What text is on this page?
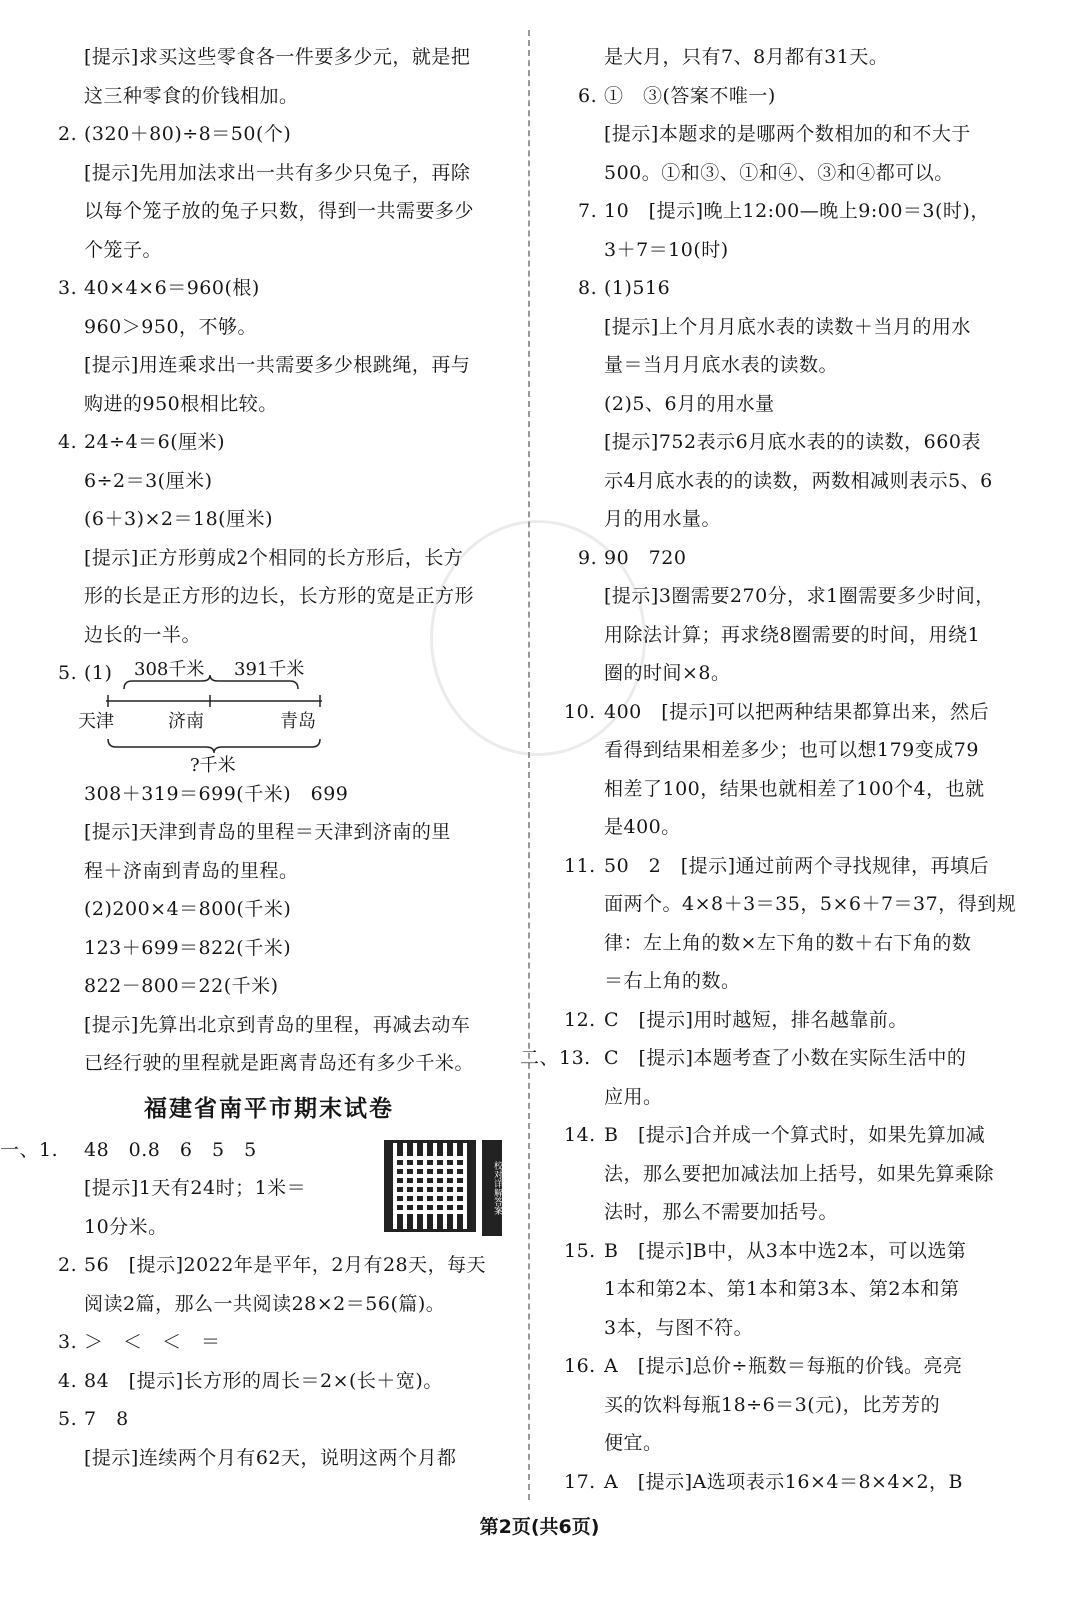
[提示]求买这些零食各一件要多少元，就是把
这三种零食的价钱相加。
2. (320＋80)÷8＝50(个)
[提示]先用加法求出一共有多少只兔子，再除
以每个笼子放的兔子只数，得到一共需要多少
个笼子。
3. 40×4×6＝960(根)
960＞950，不够。
[提示]用连乘求出一共需要多少根跳绳，再与
购进的950根相比较。
4. 24÷4＝6(厘米)
6÷2＝3(厘米)
(6＋3)×2＝18(厘米)
[提示]正方形剪成2个相同的长方形后，长方
形的长是正方形的边长，长方形的宽是正方形
边长的一半。
5. (1)	308千米 391千米
天津	济南	青岛
?千米
308＋319＝699(千米)　699
[提示]天津到青岛的里程＝天津到济南的里
程＋济南到青岛的里程。
(2)200×4＝800(千米)
123＋699＝822(千米)
822－800＝22(千米)
[提示]先算出北京到青岛的里程，再减去动车
已经行驶的里程就是距离青岛还有多少千米。
福建省南平市期末试卷
一、1. 48　0.8　6　5　5
[提示]1天有24时；1米＝
10分米。
2. 56　[提示]2022年是平年，2月有28天，每天
阅读2篇，那么一共阅读28×2＝56(篇)。
3. ＞　＜　＜　＝
4. 84　[提示]长方形的周长＝2×(长＋宽)。
5. 7　8
[提示]连续两个月有62天，说明这两个月都
校对详解答案
是大月，只有7、8月都有31天。
6. ①　③(答案不唯一)
[提示]本题求的是哪两个数相加的和不大于
500。①和③、①和④、③和④都可以。
7. 10　[提示]晚上12:00—晚上9:00＝3(时)，
3＋7＝10(时)
8. (1)516
[提示]上个月月底水表的读数＋当月的用水
量＝当月月底水表的读数。
(2)5、6月的用水量
[提示]752表示6月底水表的的读数，660表
示4月底水表的的读数，两数相减则表示5、6
月的用水量。
9. 90　720
[提示]3圈需要270分，求1圈需要多少时间，
用除法计算；再求绕8圈需要的时间，用绕1
圈的时间×8。
10. 400　[提示]可以把两种结果都算出来，然后
看得到结果相差多少；也可以想179变成79
相差了100，结果也就相差了100个4，也就
是400。
11. 50　2　[提示]通过前两个寻找规律，再填后
面两个。4×8＋3＝35，5×6＋7＝37，得到规
律：左上角的数×左下角的数＋右下角的数
＝右上角的数。
12. C　[提示]用时越短，排名越靠前。
二、13. C　[提示]本题考查了小数在实际生活中的
应用。
14. B　[提示]合并成一个算式时，如果先算加减
法，那么要把加减法加上括号，如果先算乘除
法时，那么不需要加括号。
15. B　[提示]B中，从3本中选2本，可以选第
1本和第2本、第1本和第3本、第2本和第
3本，与图不符。
16. A　[提示]总价÷瓶数＝每瓶的价钱。亮亮
买的饮料每瓶18÷6＝3(元)，比芳芳的
便宜。
17. A　[提示]A选项表示16×4＝8×4×2，B
第2页(共6页)
